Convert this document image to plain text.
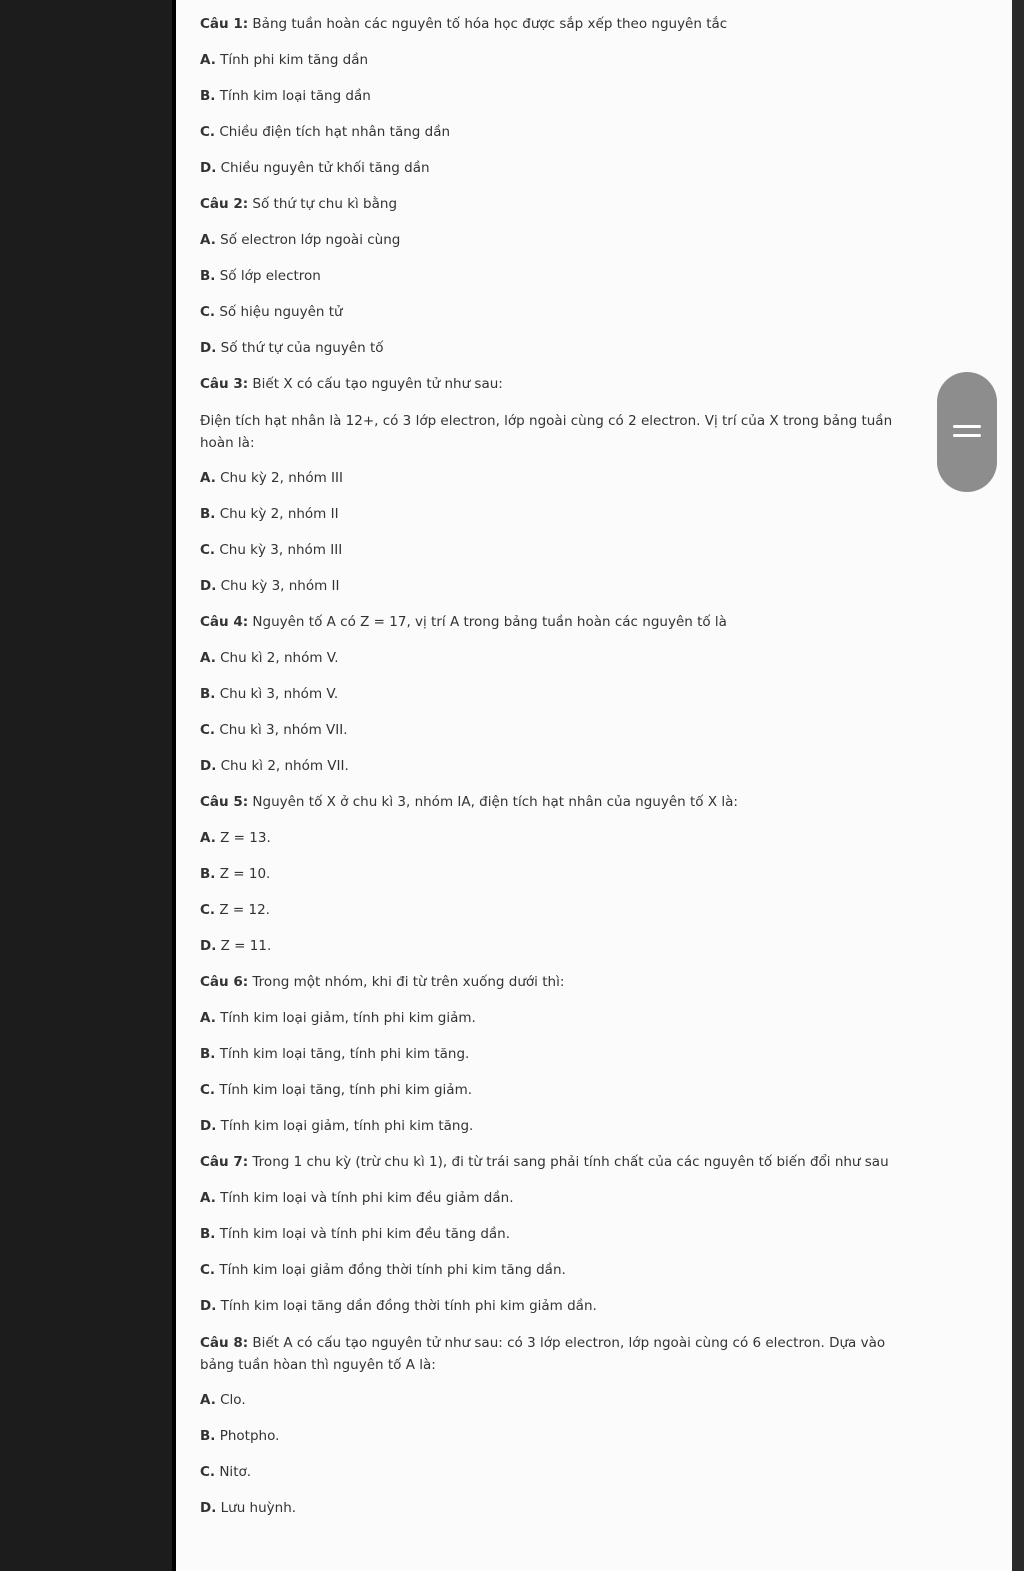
Câu 1: Bảng tuần hoàn các nguyên tố hóa học được sắp xếp theo nguyên tắc
A. Tính phi kim tăng dần
B. Tính kim loại tăng dần
C. Chiều điện tích hạt nhân tăng dần
D. Chiều nguyên tử khối tăng dần
Câu 2: Số thứ tự chu kì bằng
A. Số electron lớp ngoài cùng
B. Số lớp electron
C. Số hiệu nguyên tử
D. Số thứ tự của nguyên tố
Câu 3: Biết X có cấu tạo nguyên tử như sau:
Điện tích hạt nhân là 12+, có 3 lớp electron, lớp ngoài cùng có 2 electron. Vị trí của X trong bảng tuần hoàn là:
A. Chu kỳ 2, nhóm III
B. Chu kỳ 2, nhóm II
C. Chu kỳ 3, nhóm III
D. Chu kỳ 3, nhóm II
Câu 4: Nguyên tố A có Z = 17, vị trí A trong bảng tuần hoàn các nguyên tố là
A. Chu kì 2, nhóm V.
B. Chu kì 3, nhóm V.
C. Chu kì 3, nhóm VII.
D. Chu kì 2, nhóm VII.
Câu 5: Nguyên tố X ở chu kì 3, nhóm IA, điện tích hạt nhân của nguyên tố X là:
A. Z = 13.
B. Z = 10.
C. Z = 12.
D. Z = 11.
Câu 6: Trong một nhóm, khi đi từ trên xuống dưới thì:
A. Tính kim loại giảm, tính phi kim giảm.
B. Tính kim loại tăng, tính phi kim tăng.
C. Tính kim loại tăng, tính phi kim giảm.
D. Tính kim loại giảm, tính phi kim tăng.
Câu 7: Trong 1 chu kỳ (trừ chu kì 1), đi từ trái sang phải tính chất của các nguyên tố biến đổi như sau
A. Tính kim loại và tính phi kim đều giảm dần.
B. Tính kim loại và tính phi kim đều tăng dần.
C. Tính kim loại giảm đồng thời tính phi kim tăng dần.
D. Tính kim loại tăng dần đồng thời tính phi kim giảm dần.
Câu 8: Biết A có cấu tạo nguyên tử như sau: có 3 lớp electron, lớp ngoài cùng có 6 electron. Dựa vào bảng tuần hòan thì nguyên tố A là:
A. Clo.
B. Photpho.
C. Nitơ.
D. Lưu huỳnh.
